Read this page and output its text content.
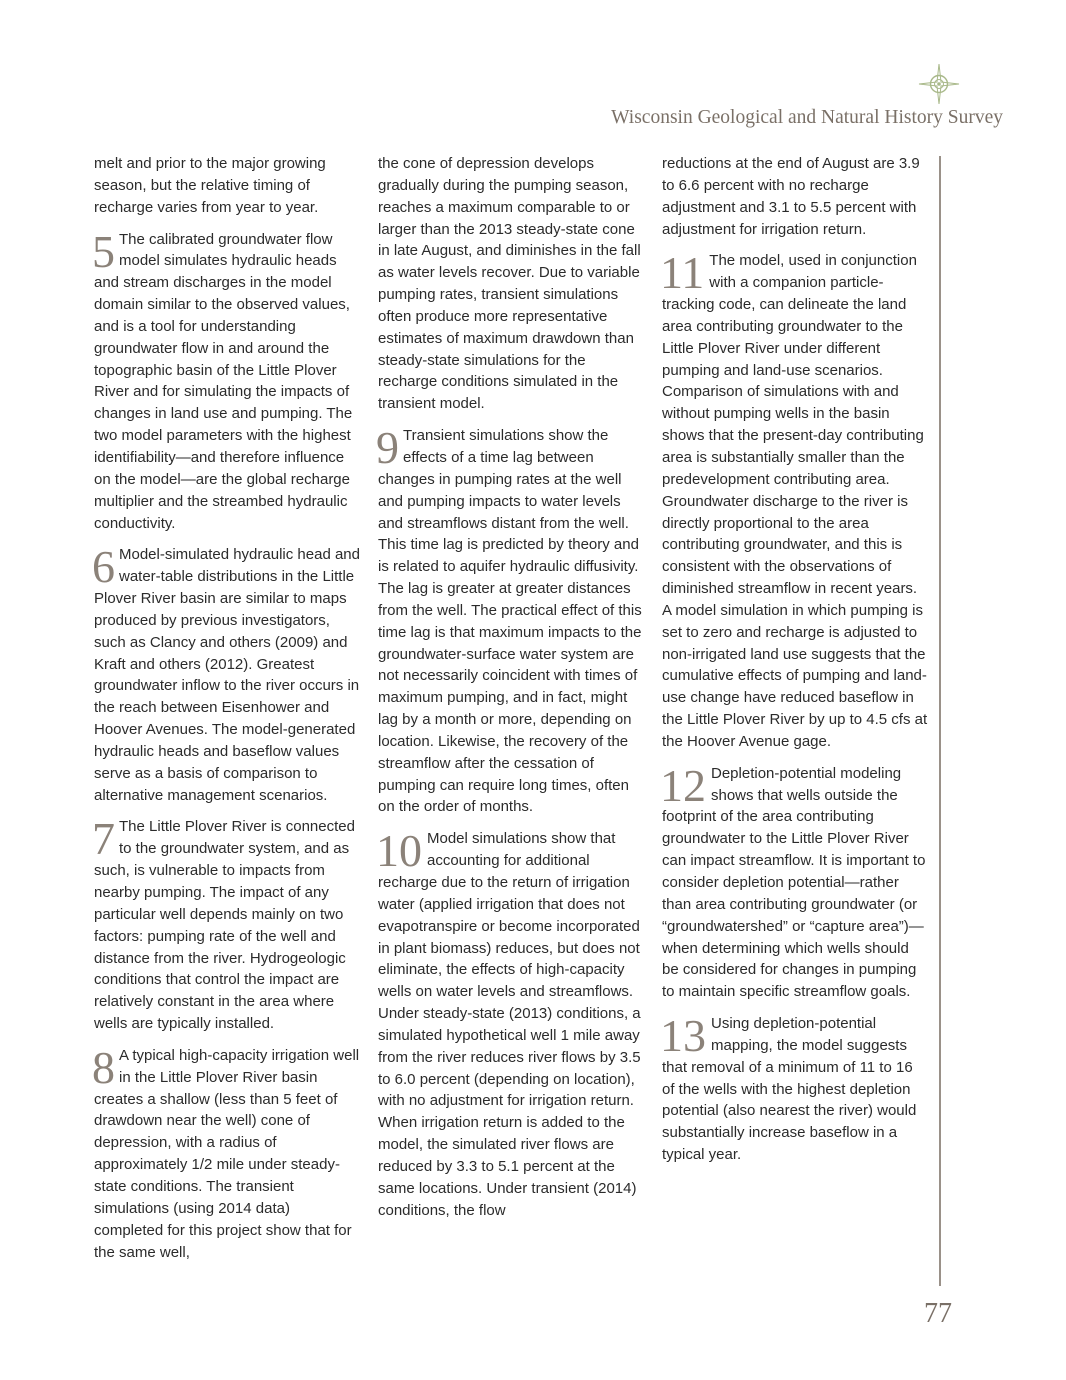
Wisconsin Geological and Natural History Survey

melt and prior to the major growing season, but the relative timing of recharge varies from year to year.

5 The calibrated groundwater flow model simulates hydraulic heads and stream discharges in the model domain similar to the observed values, and is a tool for understanding groundwater flow in and around the topographic basin of the Little Plover River and for simulating the impacts of changes in land use and pumping. The two model parameters with the highest identifiability—and therefore influence on the model—are the global recharge multiplier and the streambed hydraulic conductivity.

6 Model-simulated hydraulic head and water-table distributions in the Little Plover River basin are similar to maps produced by previous investigators, such as Clancy and others (2009) and Kraft and others (2012). Greatest groundwater inflow to the river occurs in the reach between Eisenhower and Hoover Avenues. The model-generated hydraulic heads and baseflow values serve as a basis of comparison to alternative management scenarios.

7 The Little Plover River is connected to the groundwater system, and as such, is vulnerable to impacts from nearby pumping. The impact of any particular well depends mainly on two factors: pumping rate of the well and distance from the river. Hydrogeologic conditions that control the impact are relatively constant in the area where wells are typically installed.

8 A typical high-capacity irrigation well in the Little Plover River basin creates a shallow (less than 5 feet of drawdown near the well) cone of depression, with a radius of approximately 1/2 mile under steady-state conditions. The transient simulations (using 2014 data) completed for this project show that for the same well,

the cone of depression develops gradually during the pumping season, reaches a maximum comparable to or larger than the 2013 steady-state cone in late August, and diminishes in the fall as water levels recover. Due to variable pumping rates, transient simulations often produce more representative estimates of maximum drawdown than steady-state simulations for the recharge conditions simulated in the transient model.

9 Transient simulations show the effects of a time lag between changes in pumping rates at the well and pumping impacts to water levels and streamflows distant from the well. This time lag is predicted by theory and is related to aquifer hydraulic diffusivity. The lag is greater at greater distances from the well. The practical effect of this time lag is that maximum impacts to the groundwater-surface water system are not necessarily coincident with times of maximum pumping, and in fact, might lag by a month or more, depending on location. Likewise, the recovery of the streamflow after the cessation of pumping can require long times, often on the order of months.

10 Model simulations show that accounting for additional recharge due to the return of irrigation water (applied irrigation that does not evapotranspire or become incorporated in plant biomass) reduces, but does not eliminate, the effects of high-capacity wells on water levels and streamflows. Under steady-state (2013) conditions, a simulated hypothetical well 1 mile away from the river reduces river flows by 3.5 to 6.0 percent (depending on location), with no adjustment for irrigation return. When irrigation return is added to the model, the simulated river flows are reduced by 3.3 to 5.1 percent at the same locations. Under transient (2014) conditions, the flow

reductions at the end of August are 3.9 to 6.6 percent with no recharge adjustment and 3.1 to 5.5 percent with adjustment for irrigation return.

11 The model, used in conjunction with a companion particle-tracking code, can delineate the land area contributing groundwater to the Little Plover River under different pumping and land-use scenarios. Comparison of simulations with and without pumping wells in the basin shows that the present-day contributing area is substantially smaller than the predevelopment contributing area. Groundwater discharge to the river is directly proportional to the area contributing groundwater, and this is consistent with the observations of diminished streamflow in recent years. A model simulation in which pumping is set to zero and recharge is adjusted to non-irrigated land use suggests that the cumulative effects of pumping and land-use change have reduced baseflow in the Little Plover River by up to 4.5 cfs at the Hoover Avenue gage.

12 Depletion-potential modeling shows that wells outside the footprint of the area contributing groundwater to the Little Plover River can impact streamflow. It is important to consider depletion potential—rather than area contributing groundwater (or “groundwatershed” or “capture area”)—when determining which wells should be considered for changes in pumping to maintain specific streamflow goals.

13 Using depletion-potential mapping, the model suggests that removal of a minimum of 11 to 16 of the wells with the highest depletion potential (also nearest the river) would substantially increase baseflow in a typical year.

77
